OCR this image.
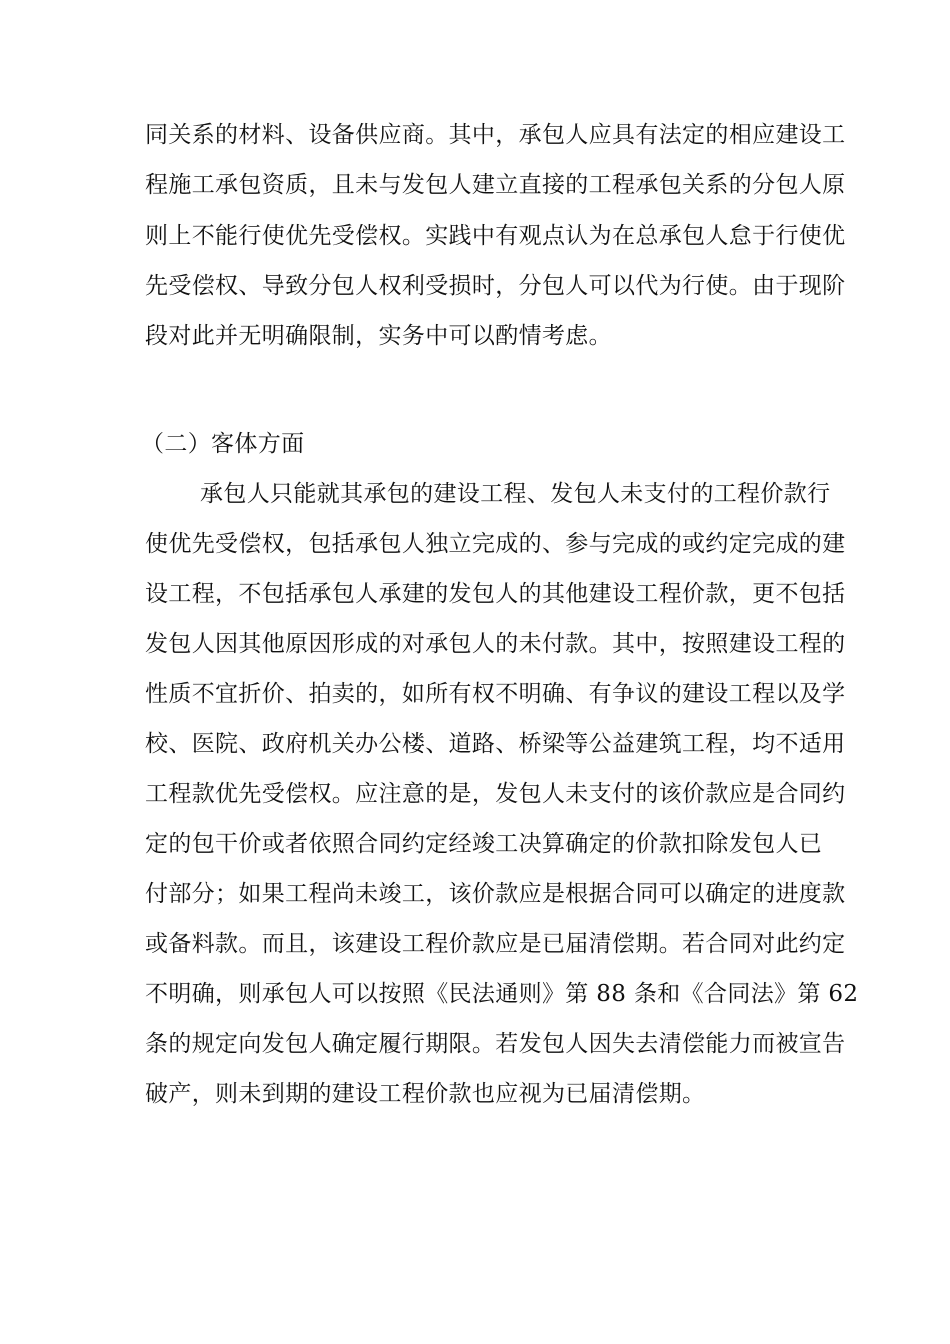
同关系的材料、设备供应商。其中，承包人应具有法定的相应建设工
程施工承包资质，且未与发包人建立直接的工程承包关系的分包人原
则上不能行使优先受偿权。实践中有观点认为在总承包人怠于行使优
先受偿权、导致分包人权利受损时，分包人可以代为行使。由于现阶
段对此并无明确限制，实务中可以酌情考虑。
（二）客体方面
承包人只能就其承包的建设工程、发包人未支付的工程价款行
使优先受偿权，包括承包人独立完成的、参与完成的或约定完成的建
设工程，不包括承包人承建的发包人的其他建设工程价款，更不包括
发包人因其他原因形成的对承包人的未付款。其中，按照建设工程的
性质不宜折价、拍卖的，如所有权不明确、有争议的建设工程以及学
校、医院、政府机关办公楼、道路、桥梁等公益建筑工程，均不适用
工程款优先受偿权。应注意的是，发包人未支付的该价款应是合同约
定的包干价或者依照合同约定经竣工决算确定的价款扣除发包人已
付部分；如果工程尚未竣工，该价款应是根据合同可以确定的进度款
或备料款。而且，该建设工程价款应是已届清偿期。若合同对此约定
不明确，则承包人可以按照《民法通则》第 88 条和《合同法》第 62
条的规定向发包人确定履行期限。若发包人因失去清偿能力而被宣告
破产，则未到期的建设工程价款也应视为已届清偿期。
